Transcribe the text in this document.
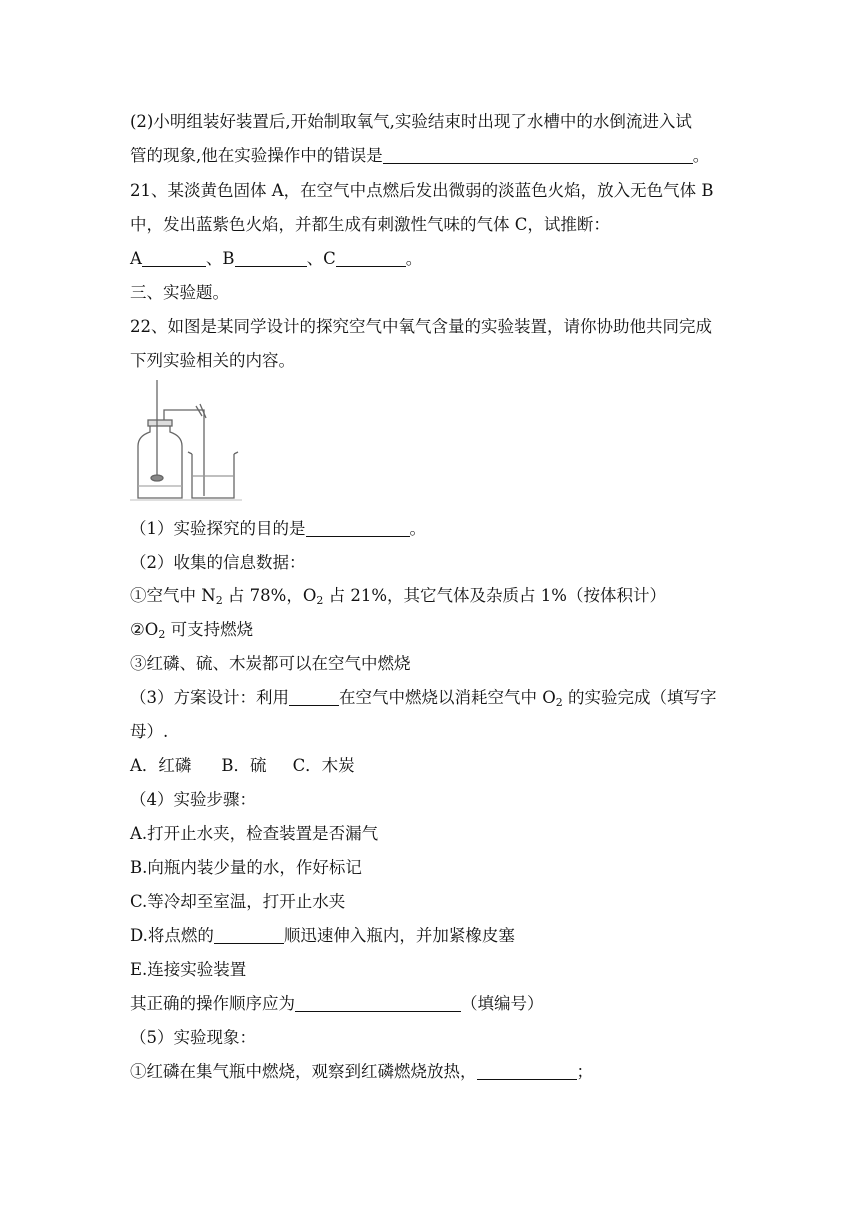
(2)小明组装好装置后,开始制取氧气,实验结束时出现了水槽中的水倒流进入试
管的现象,他在实验操作中的错误是	。
21、某淡黄色固体 A，在空气中点燃后发出微弱的淡蓝色火焰，放入无色气体 B
中，发出蓝紫色火焰，并都生成有刺激性气味的气体 C，试推断：
A	、B	、C	。
三、实验题。
22、如图是某同学设计的探究空气中氧气含量的实验装置，请你协助他共同完成
下列实验相关的内容。
（1）实验探究的目的是	。
（2）收集的信息数据：
①空气中 $N_2$ 占 78%，$O_2$ 占 21%，其它气体及杂质占 1%（按体积计）
$②O_2$ 可支持燃烧
③红磷、硫、木炭都可以在空气中燃烧
（3）方案设计：利用	在空气中燃烧以消耗空气中 $O_2$ 的实验完成（填写字
母）.
A．红磷 B．硫 C．木炭
（4）实验步骤：
A.打开止水夹，检查装置是否漏气
B.向瓶内装少量的水，作好标记
C.等冷却至室温，打开止水夹
D.将点燃的	顺迅速伸入瓶内，并加紧橡皮塞
E.连接实验装置
其正确的操作顺序应为	（填编号）
（5）实验现象：
①红磷在集气瓶中燃烧，观察到红磷燃烧放热，	；
